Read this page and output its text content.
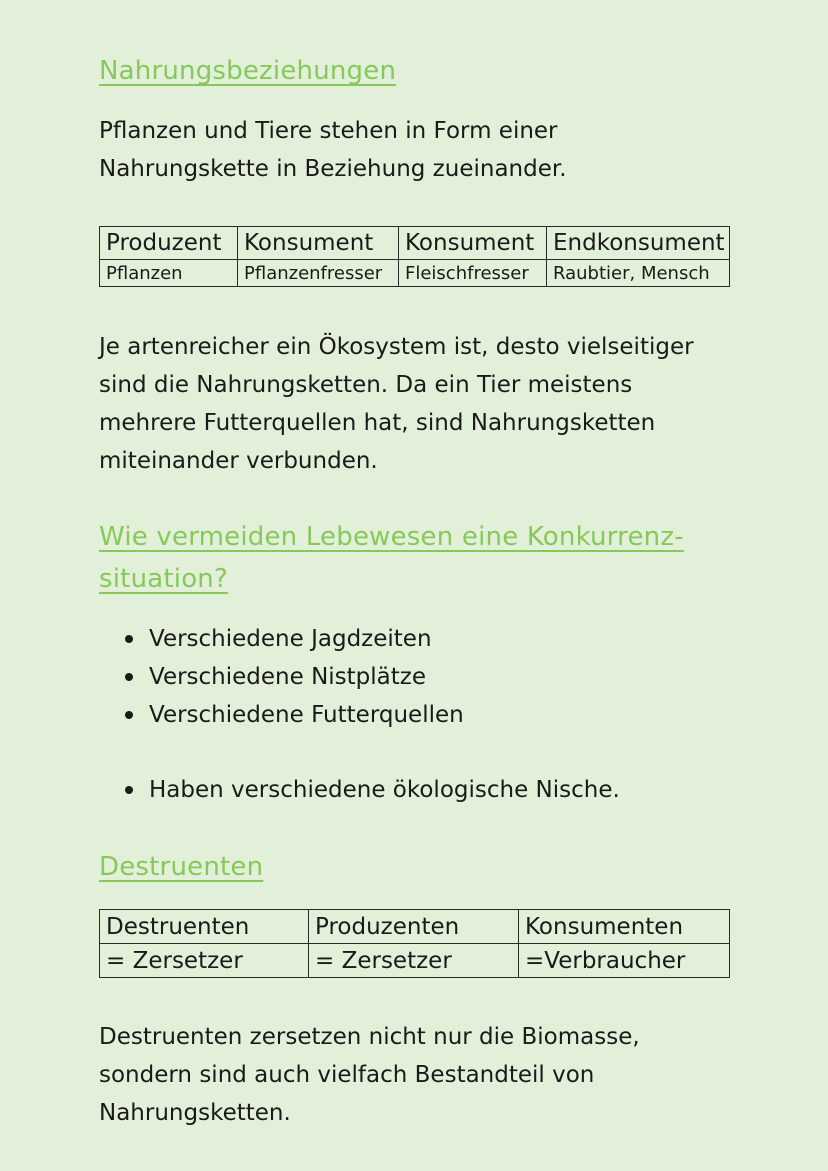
Nahrungsbeziehungen

Pflanzen und Tiere stehen in Form einer
Nahrungskette in Beziehung zueinander.

Produzent	Konsument	Konsument	Endkonsument
Pflanzen	Pflanzenfresser	Fleischfresser	Raubtier, Mensch

Je artenreicher ein Ökosystem ist, desto vielseitiger
sind die Nahrungsketten. Da ein Tier meistens
mehrere Futterquellen hat, sind Nahrungsketten
miteinander verbunden.

Wie vermeiden Lebewesen eine Konkurrenz-
situation?
Verschiedene Jagdzeiten
Verschiedene Nistplätze
Verschiedene Futterquellen
Haben verschiedene ökologische Nische.
Destruenten
Destruenten	Produzenten	Konsumenten
= Zersetzer	= Zersetzer	=Verbraucher

Destruenten zersetzen nicht nur die Biomasse,
sondern sind auch vielfach Bestandteil von
Nahrungsketten.
